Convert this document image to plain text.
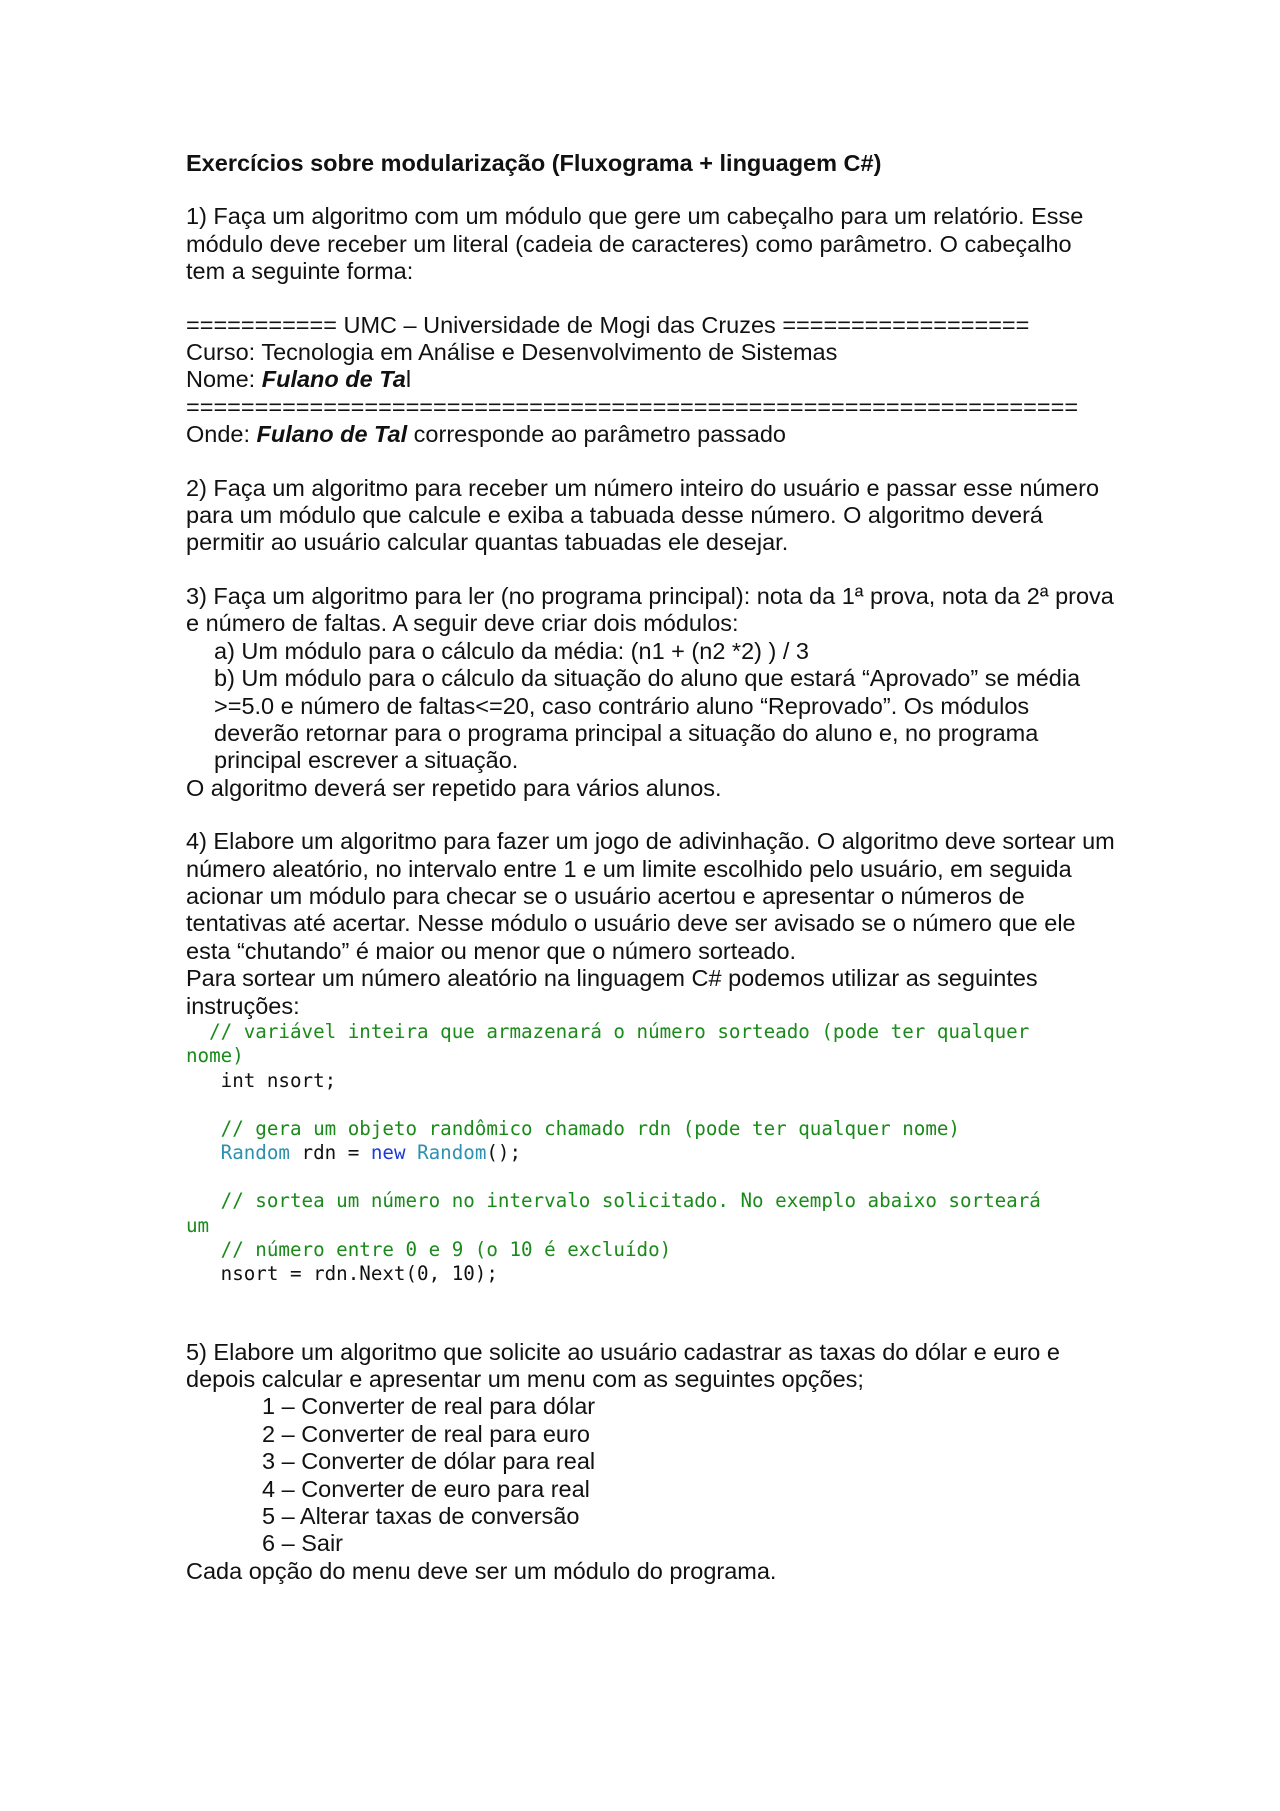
Exercícios sobre modularização (Fluxograma + linguagem C#)

1) Faça um algoritmo com um módulo que gere um cabeçalho para um relatório. Esse módulo deve receber um literal (cadeia de caracteres) como parâmetro. O cabeçalho tem a seguinte forma:

=========== UMC – Universidade de Mogi das Cruzes ==================
Curso: Tecnologia em Análise e Desenvolvimento de Sistemas
Nome: Fulano de Tal
=================================================================
Onde: Fulano de Tal corresponde ao parâmetro passado

2) Faça um algoritmo para receber um número inteiro do usuário e passar esse número para um módulo que calcule e exiba a tabuada desse número. O algoritmo deverá permitir ao usuário calcular quantas tabuadas ele desejar.

3) Faça um algoritmo para ler (no programa principal): nota da 1ª prova, nota da 2ª prova e número de faltas. A seguir deve criar dois módulos:

a) Um módulo para o cálculo da média: (n1 + (n2 *2) ) / 3

b) Um módulo para o cálculo da situação do aluno que estará “Aprovado” se média >=5.0 e número de faltas<=20, caso contrário aluno “Reprovado”. Os módulos deverão retornar para o programa principal a situação do aluno e, no programa principal escrever a situação.

O algoritmo deverá ser repetido para vários alunos.

4) Elabore um algoritmo para fazer um jogo de adivinhação. O algoritmo deve sortear um número aleatório, no intervalo entre 1 e um limite escolhido pelo usuário, em seguida acionar um módulo para checar se o usuário acertou e apresentar o números de tentativas até acertar. Nesse módulo o usuário deve ser avisado se o número que ele esta “chutando” é maior ou menor que o número sorteado.

Para sortear um número aleatório na linguagem C# podemos utilizar as seguintes instruções:

// variável inteira que armazenará o número sorteado (pode ter qualquer
nome)
int nsort;
// gera um objeto randômico chamado rdn (pode ter qualquer nome)
Random rdn = new Random();
// sortea um número no intervalo solicitado. No exemplo abaixo sorteará
um
// número entre 0 e 9 (o 10 é excluído)
nsort = rdn.Next(0, 10);

5) Elabore um algoritmo que solicite ao usuário cadastrar as taxas do dólar e euro e depois calcular e apresentar um menu com as seguintes opções;

1 – Converter de real para dólar
2 – Converter de real para euro
3 – Converter de dólar para real
4 – Converter de euro para real
5 – Alterar taxas de conversão
6 – Sair

Cada opção do menu deve ser um módulo do programa.
